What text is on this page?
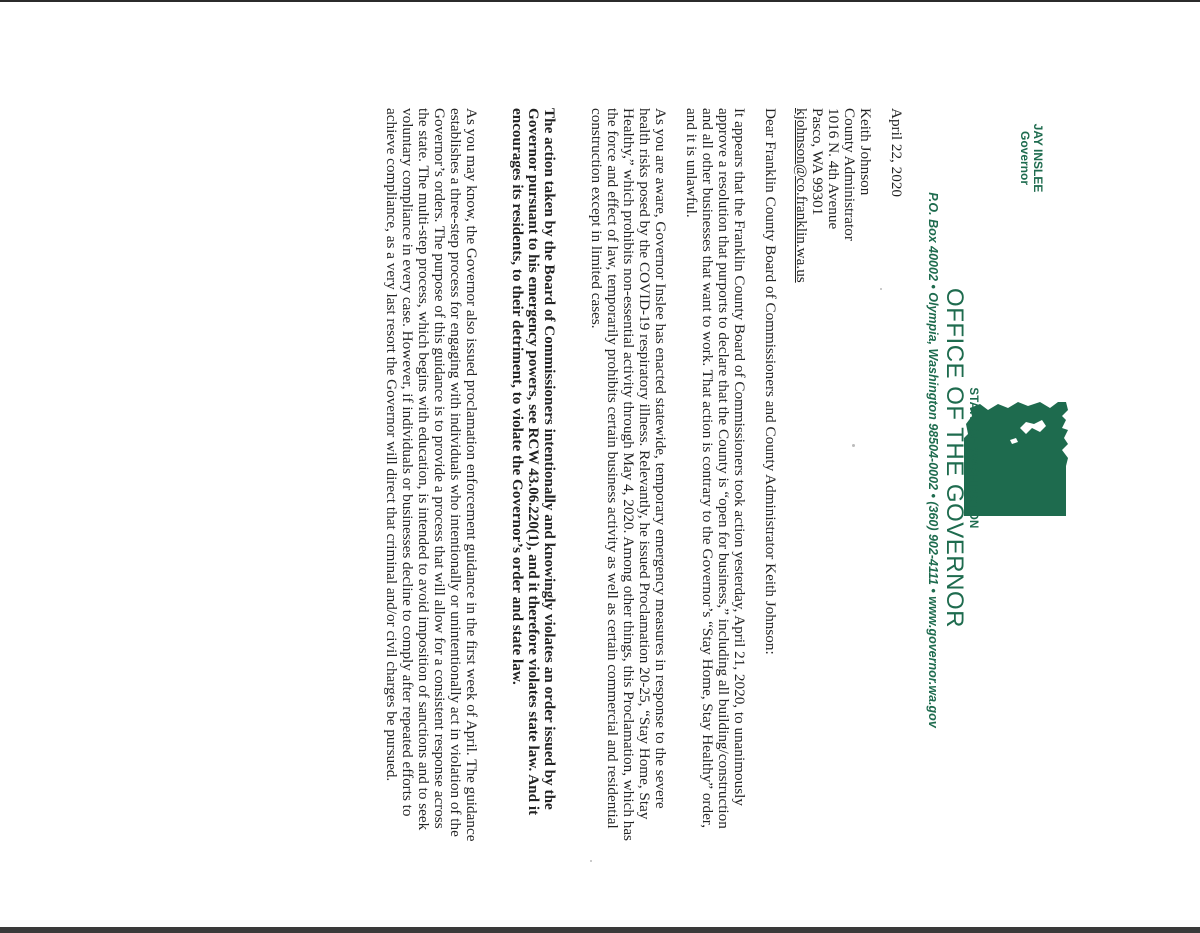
STATE OF WASHINGTON
OFFICE OF THE GOVERNOR
P.O. Box 40002 • Olympia, Washington 98504-0002 • (360) 902-4111 • www.governor.wa.gov
JAY INSLEE
Governor
April 22, 2020
Keith Johnson
County Administrator
1016 N. 4th Avenue
Pasco, WA 99301
kjohnson@co.franklin.wa.us
Dear Franklin County Board of Commissioners and County Administrator Keith Johnson:
It appears that the Franklin County Board of Commissioners took action yesterday, April 21, 2020, to unanimously approve a resolution that purports to declare that the County is “open for business,” including all building/construction and all other businesses that want to work. That action is contrary to the Governor’s “Stay Home, Stay Healthy” order, and it is unlawful.
As you are aware, Governor Inslee has enacted statewide, temporary emergency measures in response to the severe health risks posed by the COVID-19 respiratory illness. Relevantly, he issued Proclamation 20-25, “Stay Home, Stay Healthy,” which prohibits non-essential activity through May 4, 2020. Among other things, this Proclamation, which has the force and effect of law, temporarily prohibits certain business activity as well as certain commercial and residential construction except in limited cases.
The action taken by the Board of Commissioners intentionally and knowingly violates an order issued by the Governor pursuant to his emergency powers, see RCW 43.06.220(1), and it therefore violates state law. And it encourages its residents, to their detriment, to violate the Governor’s order and state law.
As you may know, the Governor also issued proclamation enforcement guidance in the first week of April. The guidance establishes a three-step process for engaging with individuals who intentionally or unintentionally act in violation of the Governor’s orders. The purpose of this guidance is to provide a process that will allow for a consistent response across the state. The multi-step process, which begins with education, is intended to avoid imposition of sanctions and to seek voluntary compliance in every case. However, if individuals or businesses decline to comply after repeated efforts to achieve compliance, as a very last resort the Governor will direct that criminal and/or civil charges be pursued.
